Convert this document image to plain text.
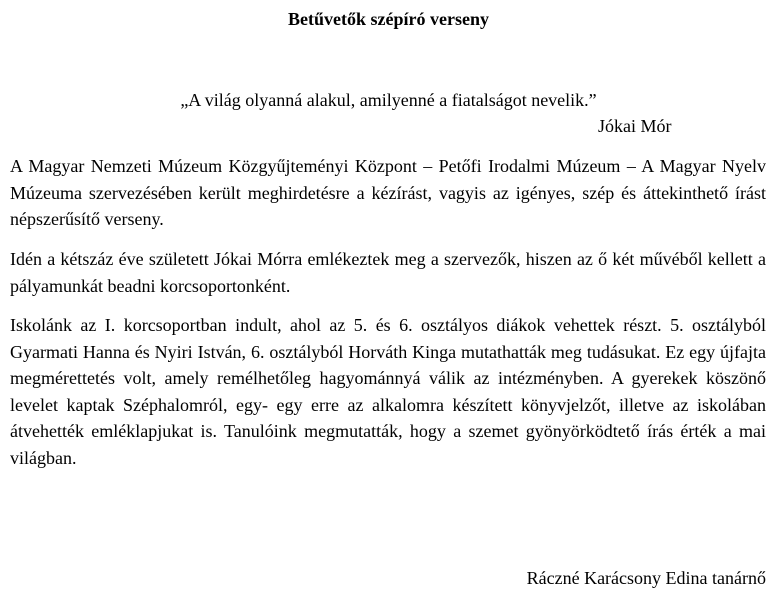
Betűvetők szépíró verseny

„A világ olyanná alakul, amilyenné a fiatalságot nevelik.”

Jókai Mór

A Magyar Nemzeti Múzeum Közgyűjteményi Központ – Petőfi Irodalmi Múzeum – A Magyar Nyelv Múzeuma szervezésében került meghirdetésre a kézírást, vagyis az igényes, szép és áttekinthető írást népszerűsítő verseny.

Idén a kétszáz éve született Jókai Mórra emlékeztek meg a szervezők, hiszen az ő két művéből kellett a pályamunkát beadni korcsoportonként.

Iskolánk az I. korcsoportban indult, ahol az 5. és 6. osztályos diákok vehettek részt. 5. osztályból Gyarmati Hanna és Nyiri István, 6. osztályból Horváth Kinga mutathatták meg tudásukat. Ez egy újfajta megmérettetés volt, amely remélhetőleg hagyománnyá válik az intézményben. A gyerekek köszönő levelet kaptak Széphalomról, egy- egy erre az alkalomra készített könyvjelzőt, illetve az iskolában átvehették emléklapjukat is. Tanulóink megmutatták, hogy a szemet gyönyörködtető írás érték a mai világban.

Ráczné Karácsony Edina tanárnő
